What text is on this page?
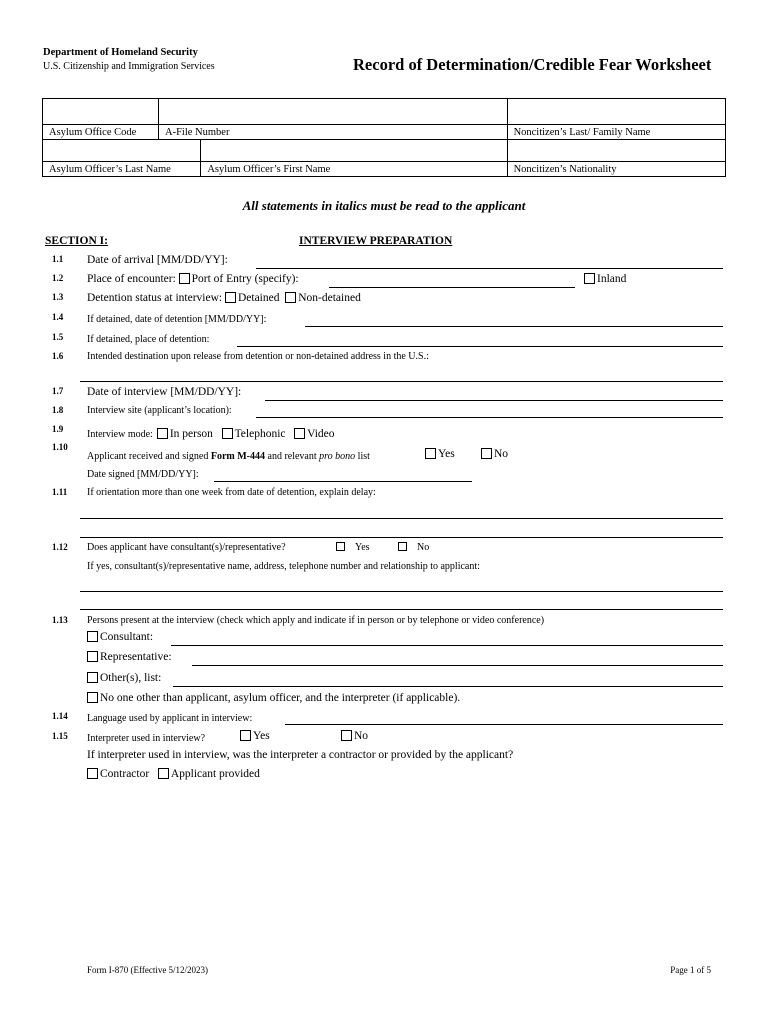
Department of Homeland Security
U.S. Citizenship and Immigration Services	Record of Determination/Credible Fear Worksheet

Asylum Office Code	A-File Number		Noncitizen’s Last/ Family Name

Asylum Officer’s Last Name		Asylum Officer’s First Name	Noncitizen’s Nationality
All statements in italics must be read to the applicant
SECTION I:	INTERVIEW PREPARATION
1.1 Date of arrival [MM/DD/YY]:
1.2 Place of encounter: Port of Entry (specify):	Inland
1.3 Detention status at interview: Detained Non-detained
1.4 If detained, date of detention [MM/DD/YY]:
1.5 If detained, place of detention:
1.6 Intended destination upon release from detention or non-detained address in the U.S.:
1.7 Date of interview [MM/DD/YY]:
1.8 Interview site (applicant’s location):
1.9 Interview mode: In person Telephonic Video
1.10
Applicant received and signed Form M-444 and relevant pro bono list	Yes	No
Date signed [MM/DD/YY]:
1.11 If orientation more than one week from date of detention, explain delay:
1.12 Does applicant have consultant(s)/representative?	Yes	No
If yes, consultant(s)/representative name, address, telephone number and relationship to applicant:
1.13 Persons present at the interview (check which apply and indicate if in person or by telephone or video conference)
Consultant:
Representative:
Other(s), list:
No one other than applicant, asylum officer, and the interpreter (if applicable).
1.14 Language used by applicant in interview:
1.15 Interpreter used in interview?	Yes	No
If interpreter used in interview, was the interpreter a contractor or provided by the applicant?
Contractor Applicant provided
Form I-870 (Effective 5/12/2023)	Page 1 of 5
